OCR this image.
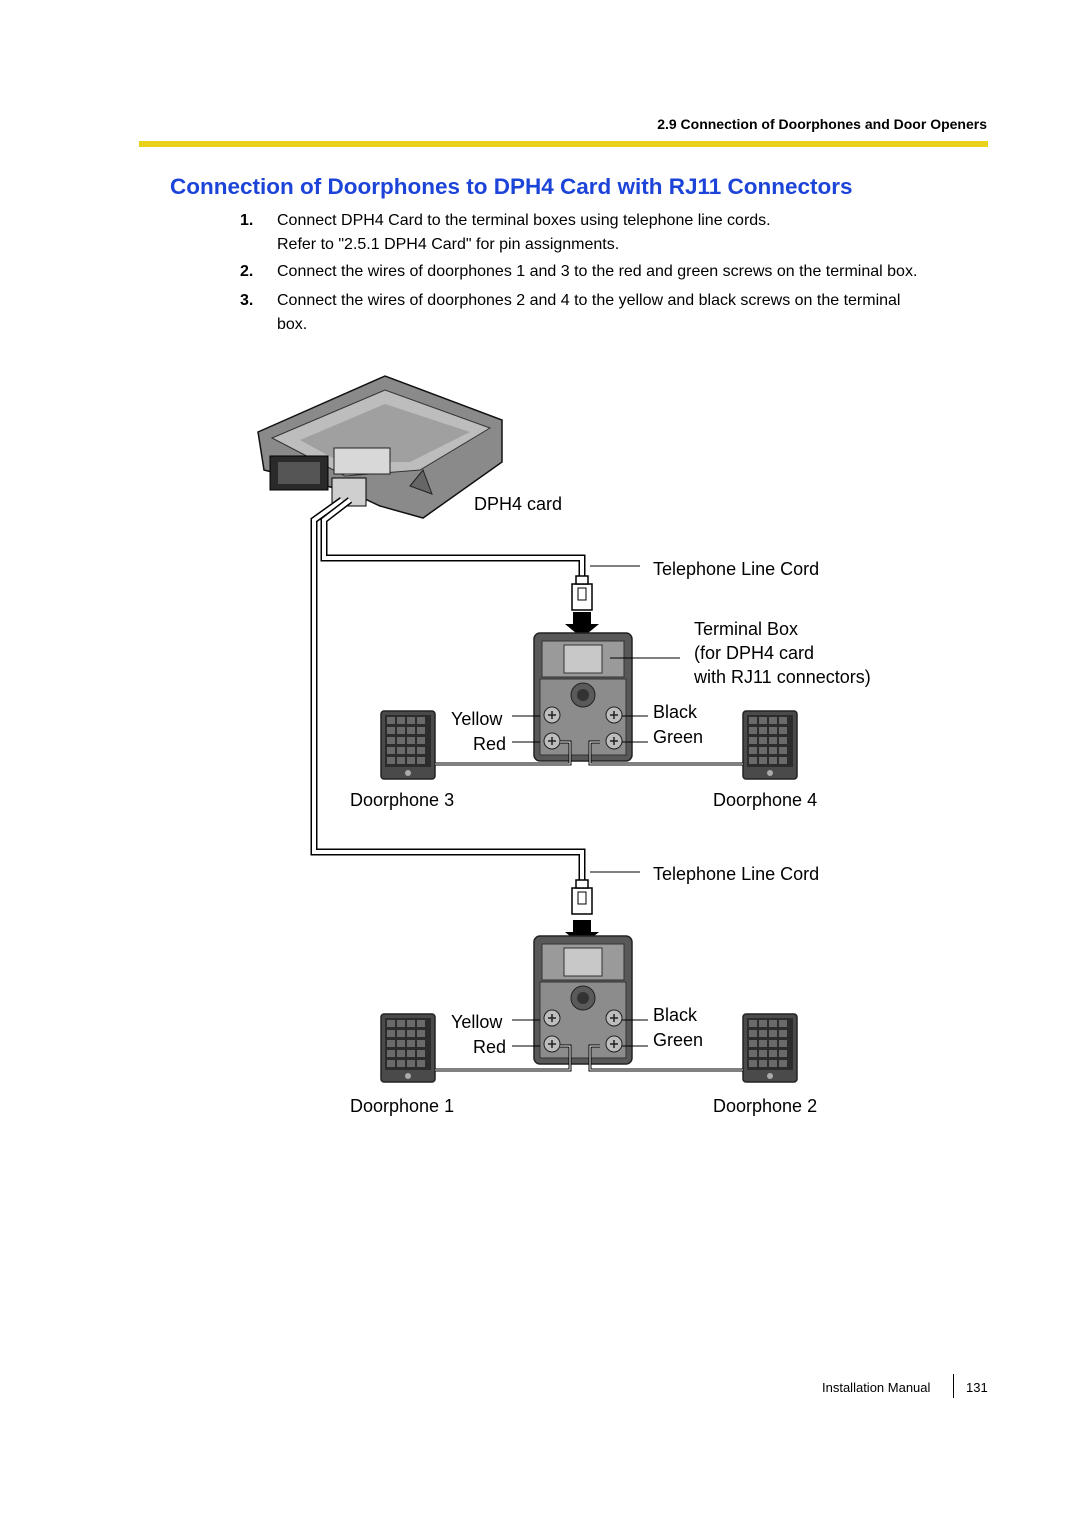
2.9 Connection of Doorphones and Door Openers
Connection of Doorphones to DPH4 Card with RJ11 Connectors
1. Connect DPH4 Card to the terminal boxes using telephone line cords.
Refer to "2.5.1 DPH4 Card" for pin assignments.
2. Connect the wires of doorphones 1 and 3 to the red and green screws on the terminal box.
3. Connect the wires of doorphones 2 and 4 to the yellow and black screws on the terminal
box.
DPH4 card
Telephone Line Cord
Terminal Box
(for DPH4 card
with RJ11 connectors)
Yellow
Red
Black
Green
Doorphone 3	Doorphone 4
Telephone Line Cord
Yellow
Red
Black
Green
Doorphone 1	Doorphone 2
Installation Manual	131
